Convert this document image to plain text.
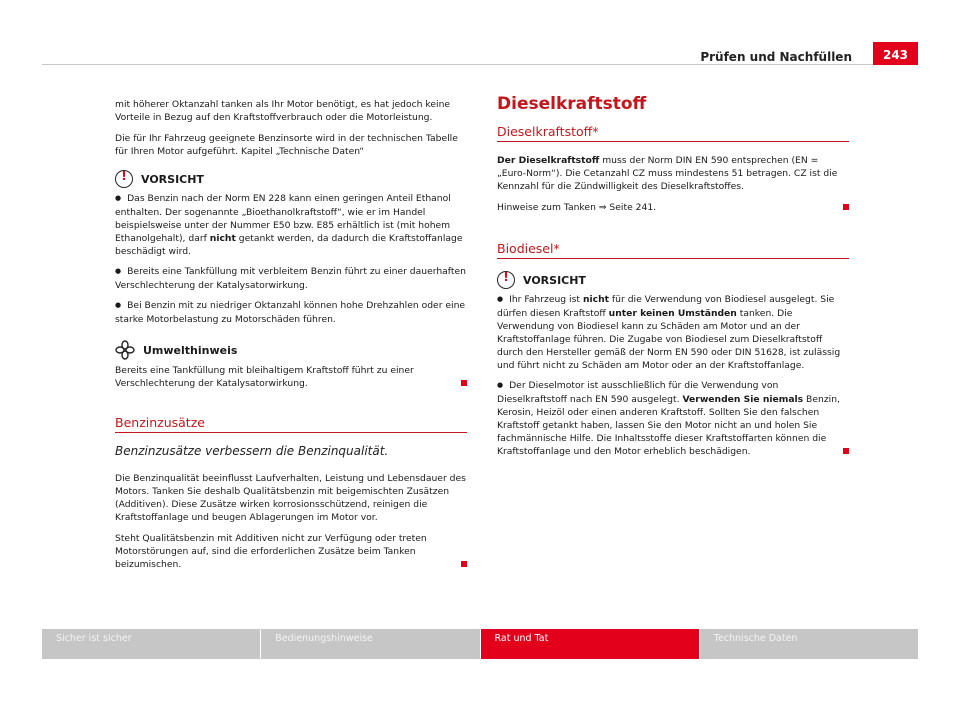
Prüfen und Nachfüllen	243

mit höherer Oktanzahl tanken als Ihr Motor benötigt, es hat jedoch keine Vorteile in Bezug auf den Kraftstoffverbrauch oder die Motorleistung.

Die für Ihr Fahrzeug geeignete Benzinsorte wird in der technischen Tabelle für Ihren Motor aufgeführt. Kapitel „Technische Daten“

!
VORSICHT

● Das Benzin nach der Norm EN 228 kann einen geringen Anteil Ethanol enthalten. Der sogenannte „Bioethanolkraftstoff“, wie er im Handel beispielsweise unter der Nummer E50 bzw. E85 erhältlich ist (mit hohem Ethanolgehalt), darf nicht getankt werden, da dadurch die Kraftstoffanlage beschädigt wird.

● Bereits eine Tankfüllung mit verbleitem Benzin führt zu einer dauerhaften Verschlechterung der Katalysatorwirkung.

● Bei Benzin mit zu niedriger Oktanzahl können hohe Drehzahlen oder eine starke Motorbelastung zu Motorschäden führen.

Umwelthinweis

Bereits eine Tankfüllung mit bleihaltigem Kraftstoff führt zu einer Verschlechterung der Katalysatorwirkung.

Benzinzusätze
Benzinzusätze verbessern die Benzinqualität.

Die Benzinqualität beeinflusst Laufverhalten, Leistung und Lebensdauer des Motors. Tanken Sie deshalb Qualitätsbenzin mit beigemischten Zusätzen (Additiven). Diese Zusätze wirken korrosionsschützend, reinigen die Kraftstoffanlage und beugen Ablagerungen im Motor vor.

Steht Qualitätsbenzin mit Additiven nicht zur Verfügung oder treten Motorstörungen auf, sind die erforderlichen Zusätze beim Tanken beizumischen.

Dieselkraftstoff
Dieselkraftstoff*

Der Dieselkraftstoff muss der Norm DIN EN 590 entsprechen (EN = „Euro-Norm“). Die Cetanzahl CZ muss mindestens 51 betragen. CZ ist die Kennzahl für die Zündwilligkeit des Dieselkraftstoffes.

Hinweise zum Tanken ⇒ Seite 241.

Biodiesel*
!
VORSICHT

● Ihr Fahrzeug ist nicht für die Verwendung von Biodiesel ausgelegt. Sie dürfen diesen Kraftstoff unter keinen Umständen tanken. Die Verwendung von Biodiesel kann zu Schäden am Motor und an der Kraftstoffanlage führen. Die Zugabe von Biodiesel zum Dieselkraftstoff durch den Hersteller gemäß der Norm EN 590 oder DIN 51628, ist zulässig und führt nicht zu Schäden am Motor oder an der Kraftstoffanlage.

● Der Dieselmotor ist ausschließlich für die Verwendung von Dieselkraftstoff nach EN 590 ausgelegt. Verwenden Sie niemals Benzin, Kerosin, Heizöl oder einen anderen Kraftstoff. Sollten Sie den falschen Kraftstoff getankt haben, lassen Sie den Motor nicht an und holen Sie fachmännische Hilfe. Die Inhaltsstoffe dieser Kraftstoffarten können die Kraftstoffanlage und den Motor erheblich beschädigen.

Sicher ist sicher	Bedienungshinweise	Rat und Tat	Technische Daten
